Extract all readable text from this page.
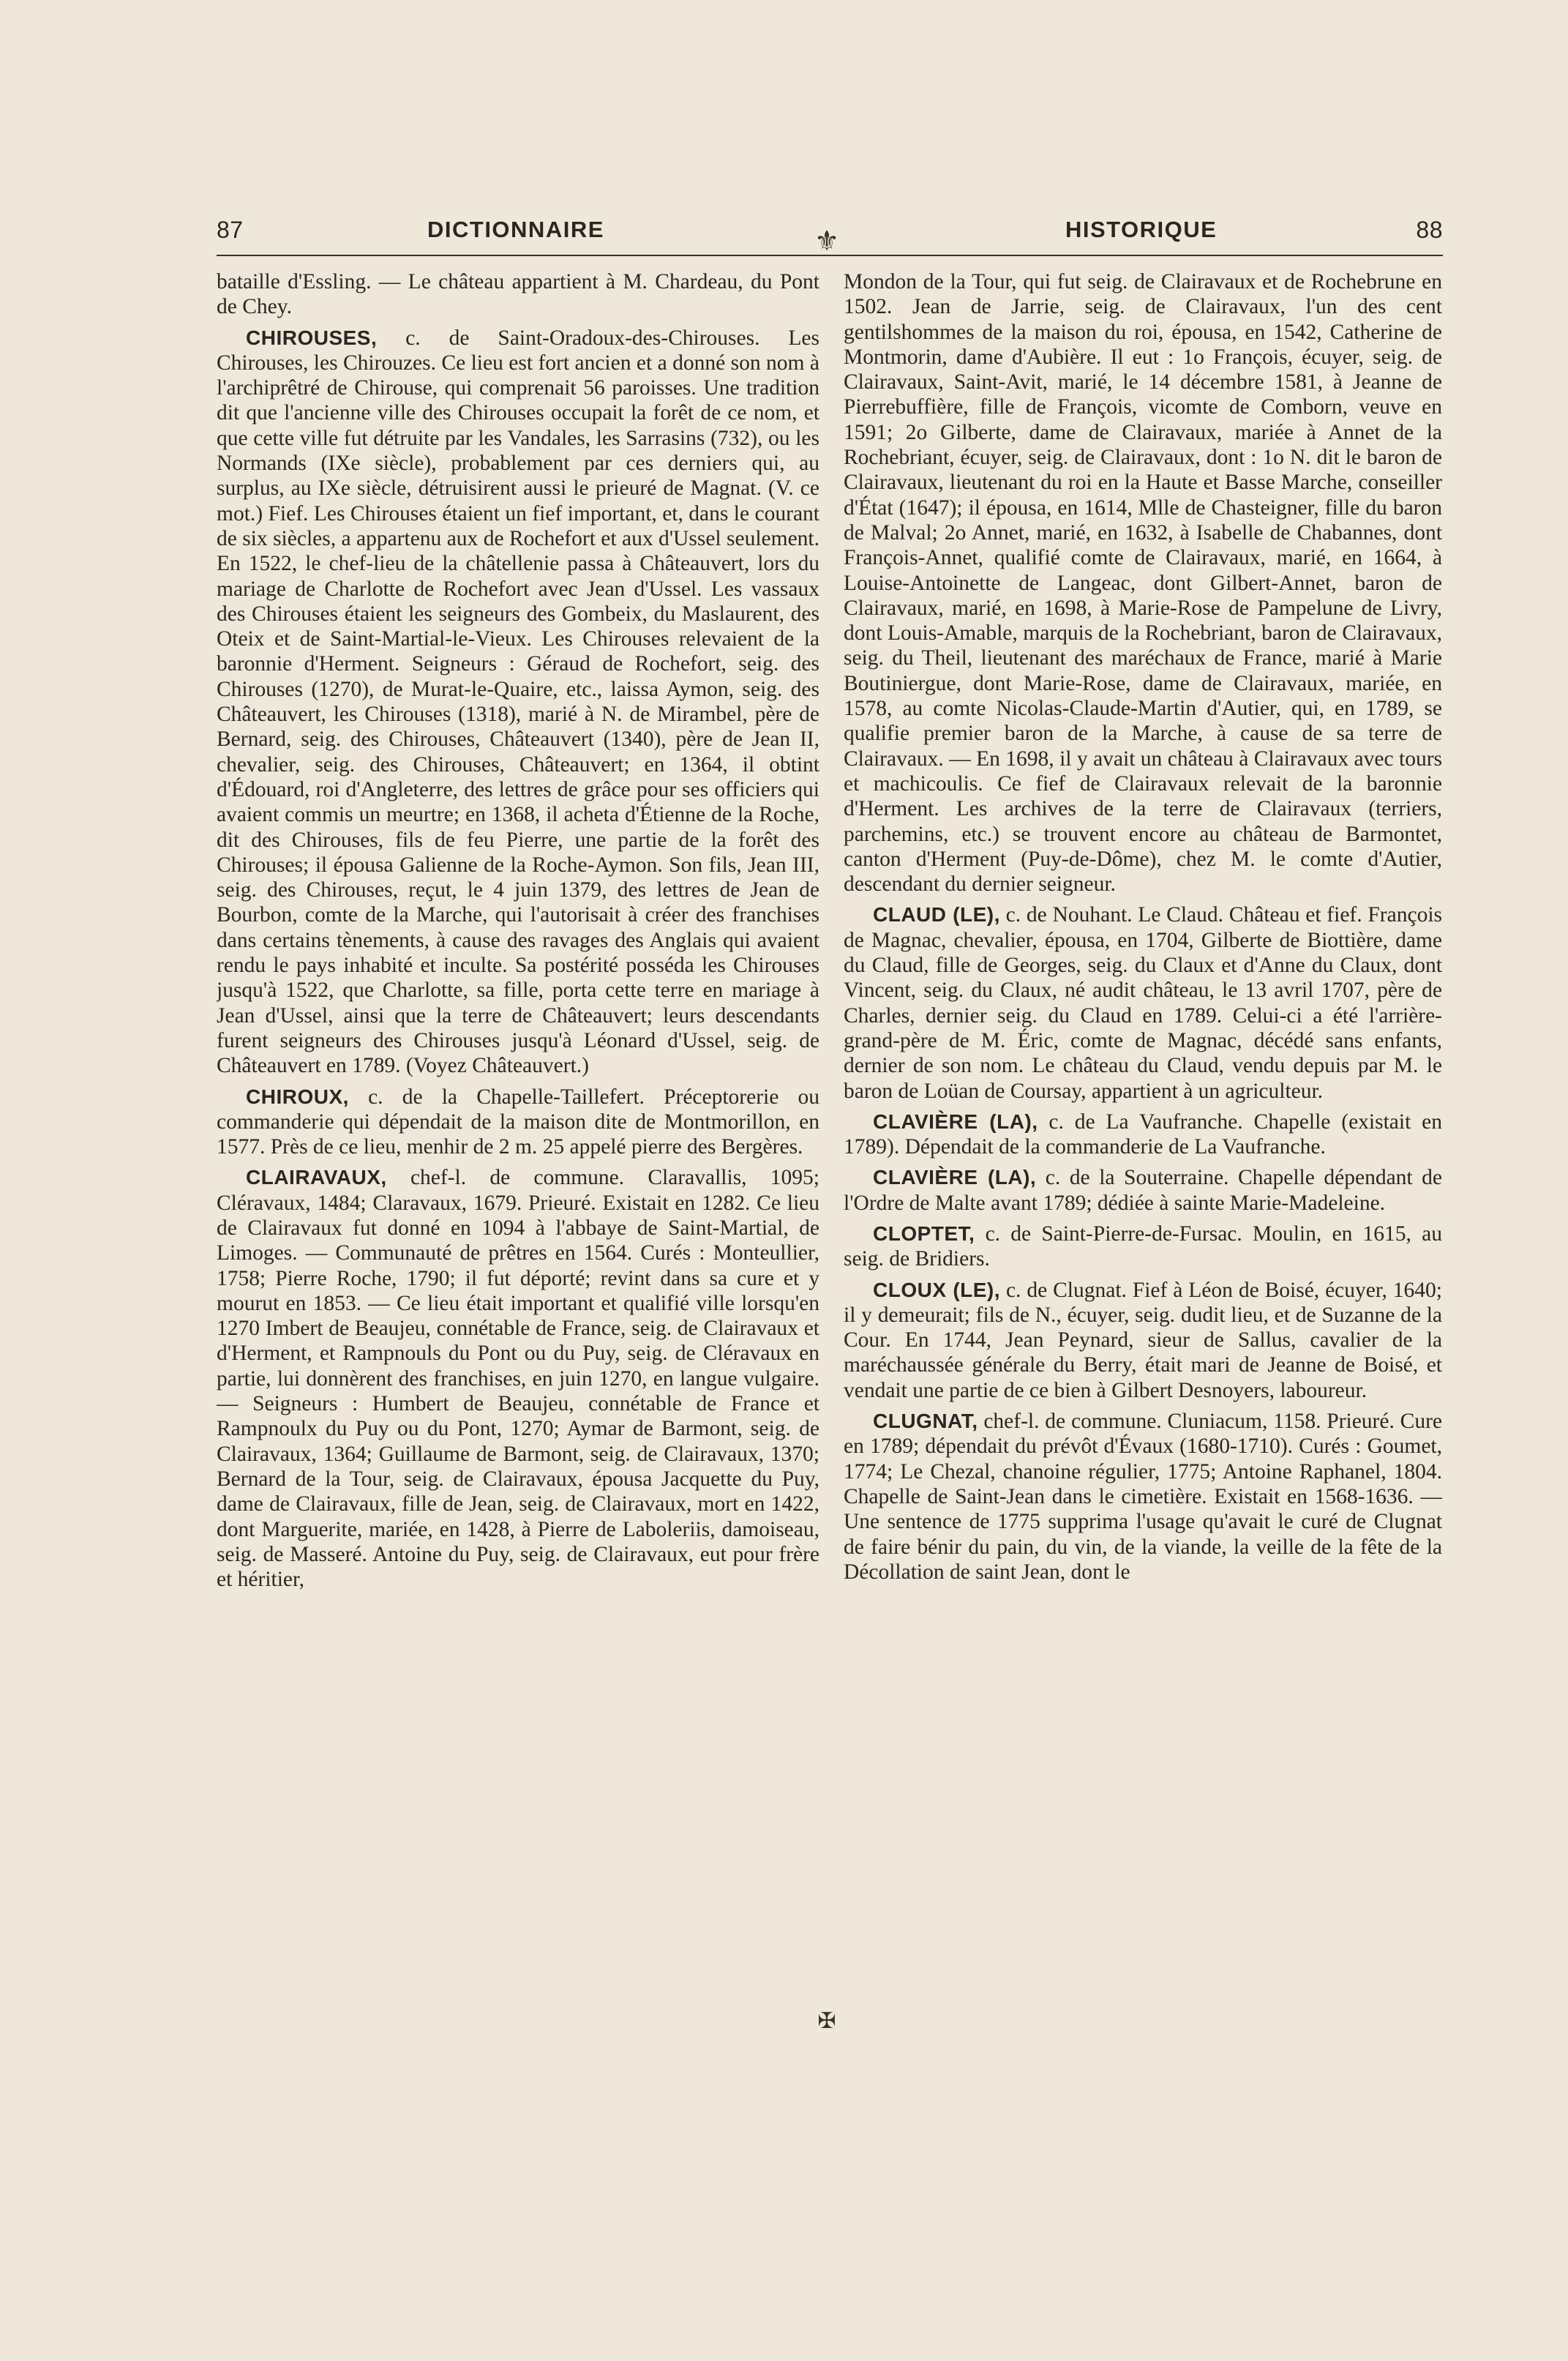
87	DICTIONNAIRE	HISTORIQUE	88
⚜

bataille d'Essling. — Le château appartient à M. Chardeau, du Pont de Chey.

CHIROUSES, c. de Saint-Oradoux-des-Chirouses. Les Chirouses, les Chirouzes. Ce lieu est fort ancien et a donné son nom à l'archiprêtré de Chirouse, qui comprenait 56 paroisses. Une tradition dit que l'ancienne ville des Chirouses occupait la forêt de ce nom, et que cette ville fut détruite par les Vandales, les Sarrasins (732), ou les Normands (IXe siècle), probablement par ces derniers qui, au surplus, au IXe siècle, détruisirent aussi le prieuré de Magnat. (V. ce mot.) Fief. Les Chirouses étaient un fief important, et, dans le courant de six siècles, a appartenu aux de Rochefort et aux d'Ussel seulement. En 1522, le chef-lieu de la châtellenie passa à Châteauvert, lors du mariage de Charlotte de Rochefort avec Jean d'Ussel. Les vassaux des Chirouses étaient les seigneurs des Gombeix, du Maslaurent, des Oteix et de Saint-Martial-le-Vieux. Les Chirouses relevaient de la baronnie d'Herment. Seigneurs : Géraud de Rochefort, seig. des Chirouses (1270), de Murat-le-Quaire, etc., laissa Aymon, seig. des Châteauvert, les Chirouses (1318), marié à N. de Mirambel, père de Bernard, seig. des Chirouses, Châteauvert (1340), père de Jean II, chevalier, seig. des Chirouses, Châteauvert; en 1364, il obtint d'Édouard, roi d'Angleterre, des lettres de grâce pour ses officiers qui avaient commis un meurtre; en 1368, il acheta d'Étienne de la Roche, dit des Chirouses, fils de feu Pierre, une partie de la forêt des Chirouses; il épousa Galienne de la Roche-Aymon. Son fils, Jean III, seig. des Chirouses, reçut, le 4 juin 1379, des lettres de Jean de Bourbon, comte de la Marche, qui l'autorisait à créer des franchises dans certains tènements, à cause des ravages des Anglais qui avaient rendu le pays inhabité et inculte. Sa postérité posséda les Chirouses jusqu'à 1522, que Charlotte, sa fille, porta cette terre en mariage à Jean d'Ussel, ainsi que la terre de Châteauvert; leurs descendants furent seigneurs des Chirouses jusqu'à Léonard d'Ussel, seig. de Châteauvert en 1789. (Voyez Châteauvert.)

CHIROUX, c. de la Chapelle-Taillefert. Préceptorerie ou commanderie qui dépendait de la maison dite de Montmorillon, en 1577. Près de ce lieu, menhir de 2 m. 25 appelé pierre des Bergères.

CLAIRAVAUX, chef-l. de commune. Claravallis, 1095; Cléravaux, 1484; Claravaux, 1679. Prieuré. Existait en 1282. Ce lieu de Clairavaux fut donné en 1094 à l'abbaye de Saint-Martial, de Limoges. — Communauté de prêtres en 1564. Curés : Monteullier, 1758; Pierre Roche, 1790; il fut déporté; revint dans sa cure et y mourut en 1853. — Ce lieu était important et qualifié ville lorsqu'en 1270 Imbert de Beaujeu, connétable de France, seig. de Clairavaux et d'Herment, et Rampnouls du Pont ou du Puy, seig. de Cléravaux en partie, lui donnèrent des franchises, en juin 1270, en langue vulgaire. — Seigneurs : Humbert de Beaujeu, connétable de France et Rampnoulx du Puy ou du Pont, 1270; Aymar de Barmont, seig. de Clairavaux, 1364; Guillaume de Barmont, seig. de Clairavaux, 1370; Bernard de la Tour, seig. de Clairavaux, épousa Jacquette du Puy, dame de Clairavaux, fille de Jean, seig. de Clairavaux, mort en 1422, dont Marguerite, mariée, en 1428, à Pierre de Laboleriis, damoiseau, seig. de Masseré. Antoine du Puy, seig. de Clairavaux, eut pour frère et héritier,

Mondon de la Tour, qui fut seig. de Clairavaux et de Rochebrune en 1502. Jean de Jarrie, seig. de Clairavaux, l'un des cent gentilshommes de la maison du roi, épousa, en 1542, Catherine de Montmorin, dame d'Aubière. Il eut : 1o François, écuyer, seig. de Clairavaux, Saint-Avit, marié, le 14 décembre 1581, à Jeanne de Pierrebuffière, fille de François, vicomte de Comborn, veuve en 1591; 2o Gilberte, dame de Clairavaux, mariée à Annet de la Rochebriant, écuyer, seig. de Clairavaux, dont : 1o N. dit le baron de Clairavaux, lieutenant du roi en la Haute et Basse Marche, conseiller d'État (1647); il épousa, en 1614, Mlle de Chasteigner, fille du baron de Malval; 2o Annet, marié, en 1632, à Isabelle de Chabannes, dont François-Annet, qualifié comte de Clairavaux, marié, en 1664, à Louise-Antoinette de Langeac, dont Gilbert-Annet, baron de Clairavaux, marié, en 1698, à Marie-Rose de Pampelune de Livry, dont Louis-Amable, marquis de la Rochebriant, baron de Clairavaux, seig. du Theil, lieutenant des maréchaux de France, marié à Marie Boutiniergue, dont Marie-Rose, dame de Clairavaux, mariée, en 1578, au comte Nicolas-Claude-Martin d'Autier, qui, en 1789, se qualifie premier baron de la Marche, à cause de sa terre de Clairavaux. — En 1698, il y avait un château à Clairavaux avec tours et machicoulis. Ce fief de Clairavaux relevait de la baronnie d'Herment. Les archives de la terre de Clairavaux (terriers, parchemins, etc.) se trouvent encore au château de Barmontet, canton d'Herment (Puy-de-Dôme), chez M. le comte d'Autier, descendant du dernier seigneur.

CLAUD (LE), c. de Nouhant. Le Claud. Château et fief. François de Magnac, chevalier, épousa, en 1704, Gilberte de Biottière, dame du Claud, fille de Georges, seig. du Claux et d'Anne du Claux, dont Vincent, seig. du Claux, né audit château, le 13 avril 1707, père de Charles, dernier seig. du Claud en 1789. Celui-ci a été l'arrière-grand-père de M. Éric, comte de Magnac, décédé sans enfants, dernier de son nom. Le château du Claud, vendu depuis par M. le baron de Loüan de Coursay, appartient à un agriculteur.

CLAVIÈRE (LA), c. de La Vaufranche. Chapelle (existait en 1789). Dépendait de la commanderie de La Vaufranche.

CLAVIÈRE (LA), c. de la Souterraine. Chapelle dépendant de l'Ordre de Malte avant 1789; dédiée à sainte Marie-Madeleine.

CLOPTET, c. de Saint-Pierre-de-Fursac. Moulin, en 1615, au seig. de Bridiers.

CLOUX (LE), c. de Clugnat. Fief à Léon de Boisé, écuyer, 1640; il y demeurait; fils de N., écuyer, seig. dudit lieu, et de Suzanne de la Cour. En 1744, Jean Peynard, sieur de Sallus, cavalier de la maréchaussée générale du Berry, était mari de Jeanne de Boisé, et vendait une partie de ce bien à Gilbert Desnoyers, laboureur.

CLUGNAT, chef-l. de commune. Cluniacum, 1158. Prieuré. Cure en 1789; dépendait du prévôt d'Évaux (1680-1710). Curés : Goumet, 1774; Le Chezal, chanoine régulier, 1775; Antoine Raphanel, 1804. Chapelle de Saint-Jean dans le cimetière. Existait en 1568-1636. — Une sentence de 1775 supprima l'usage qu'avait le curé de Clugnat de faire bénir du pain, du vin, de la viande, la veille de la fête de la Décollation de saint Jean, dont le

✠
